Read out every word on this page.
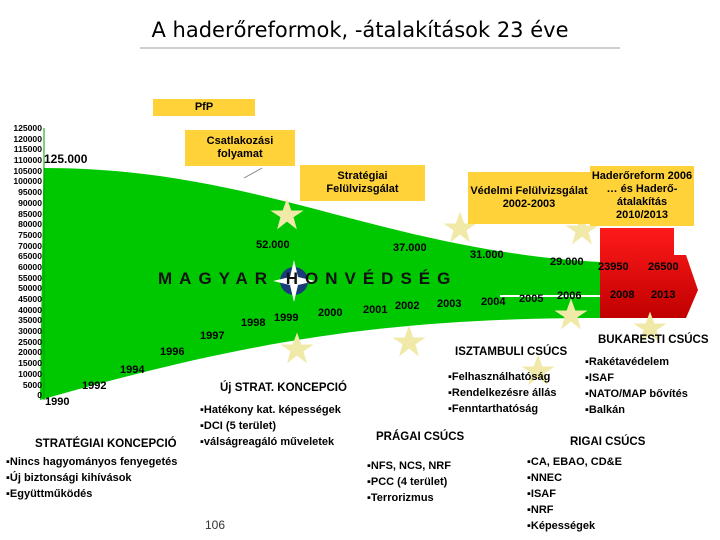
A haderőreformok, -átalakítások 23 éve
PfP
125000
120000
115000
110000
105000
100000
95000
90000
85000
80000
75000
70000
65000
60000
55000
50000
45000
40000
35000
30000
25000
20000
15000
10000
5000
0
Csatlakozási folyamat
Stratégiai Felülvizsgálat	Védelmi Felülvizsgálat 2002-2003
Haderőreform 2006 … és Haderő-átalakítás 2010/2013
125.000
52.000	37.000
31.000
29.000 23950 26500
MAGYAR HONVÉDSÉG
1990
1992
1994
1996
1997
1998 1999 2000 2001 2002 2003 2004 2005 2006	2008 2013
Új STRAT. KONCEPCIÓ
▪ Hatékony kat. képességek
▪ DCI (5 terület)
▪ válságreagáló műveletek
STRATÉGIAI KONCEPCIÓ
▪ Nincs hagyományos fenyegetés
▪ Új biztonsági kihívások
▪ Együttműködés
ISZTAMBULI CSÚCS
▪ Felhasználhatóság
▪ Rendelkezésre állás
▪ Fenntarthatóság
BUKARESTI CSÚCS
▪ Rakétavédelem
▪ ISAF
▪ NATO/MAP bővítés
▪ Balkán
PRÁGAI CSÚCS
▪ NFS, NCS, NRF
▪ PCC (4 terület)
▪ Terrorizmus
RIGAI CSÚCS
▪ CA, EBAO, CD&E
▪ NNEC
▪ ISAF
▪ NRF
▪ Képességek
106
